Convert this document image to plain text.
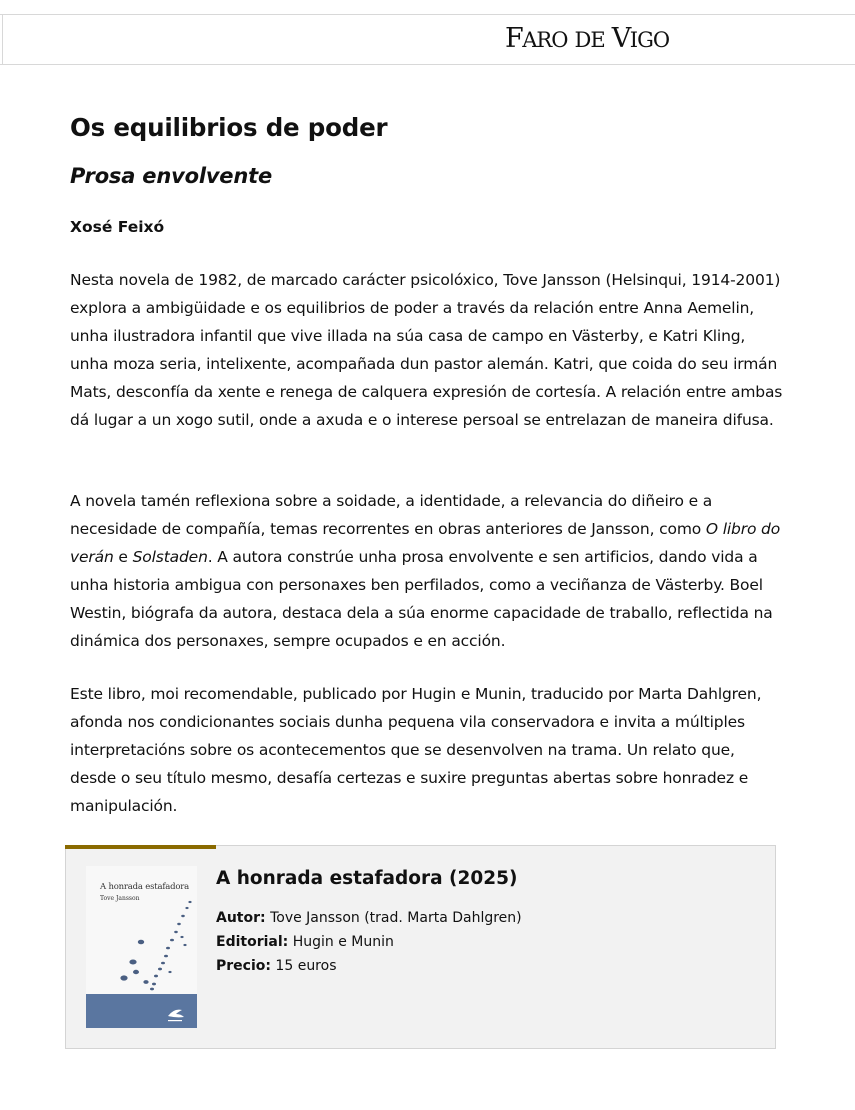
FARO DE VIGO
Os equilibrios de poder
Prosa envolvente

Xosé Feixó

Nesta novela de 1982, de marcado carácter psicolóxico, Tove Jansson (Helsinqui, 1914-2001) explora a ambigüidade e os equilibrios de poder a través da relación entre Anna Aemelin, unha ilustradora infantil que vive illada na súa casa de campo en Västerby, e Katri Kling, unha moza seria, intelixente, acompañada dun pastor alemán. Katri, que coida do seu irmán Mats, desconfía da xente e renega de calquera expresión de cortesía. A relación entre ambas dá lugar a un xogo sutil, onde a axuda e o interese persoal se entrelazan de maneira difusa.

A novela tamén reflexiona sobre a soidade, a identidade, a relevancia do diñeiro e a necesidade de compañía, temas recorrentes en obras anteriores de Jansson, como O libro do verán e Solstaden. A autora constrúe unha prosa envolvente e sen artificios, dando vida a unha historia ambigua con personaxes ben perfilados, como a veciñanza de Västerby. Boel Westin, biógrafa da autora, destaca dela a súa enorme capacidade de traballo, reflectida na dinámica dos personaxes, sempre ocupados e en acción.

Este libro, moi recomendable, publicado por Hugin e Munin, traducido por Marta Dahlgren, afonda nos condicionantes sociais dunha pequena vila conservadora e invita a múltiples interpretacións sobre os acontecementos que se desenvolven na trama. Un relato que, desde o seu título mesmo, desafía certezas e suxire preguntas abertas sobre honradez e manipulación.

A honrada estafadora
Tove Jansson
A honrada estafadora (2025)
Autor: Tove Jansson (trad. Marta Dahlgren)
Editorial: Hugin e Munin
Precio: 15 euros
